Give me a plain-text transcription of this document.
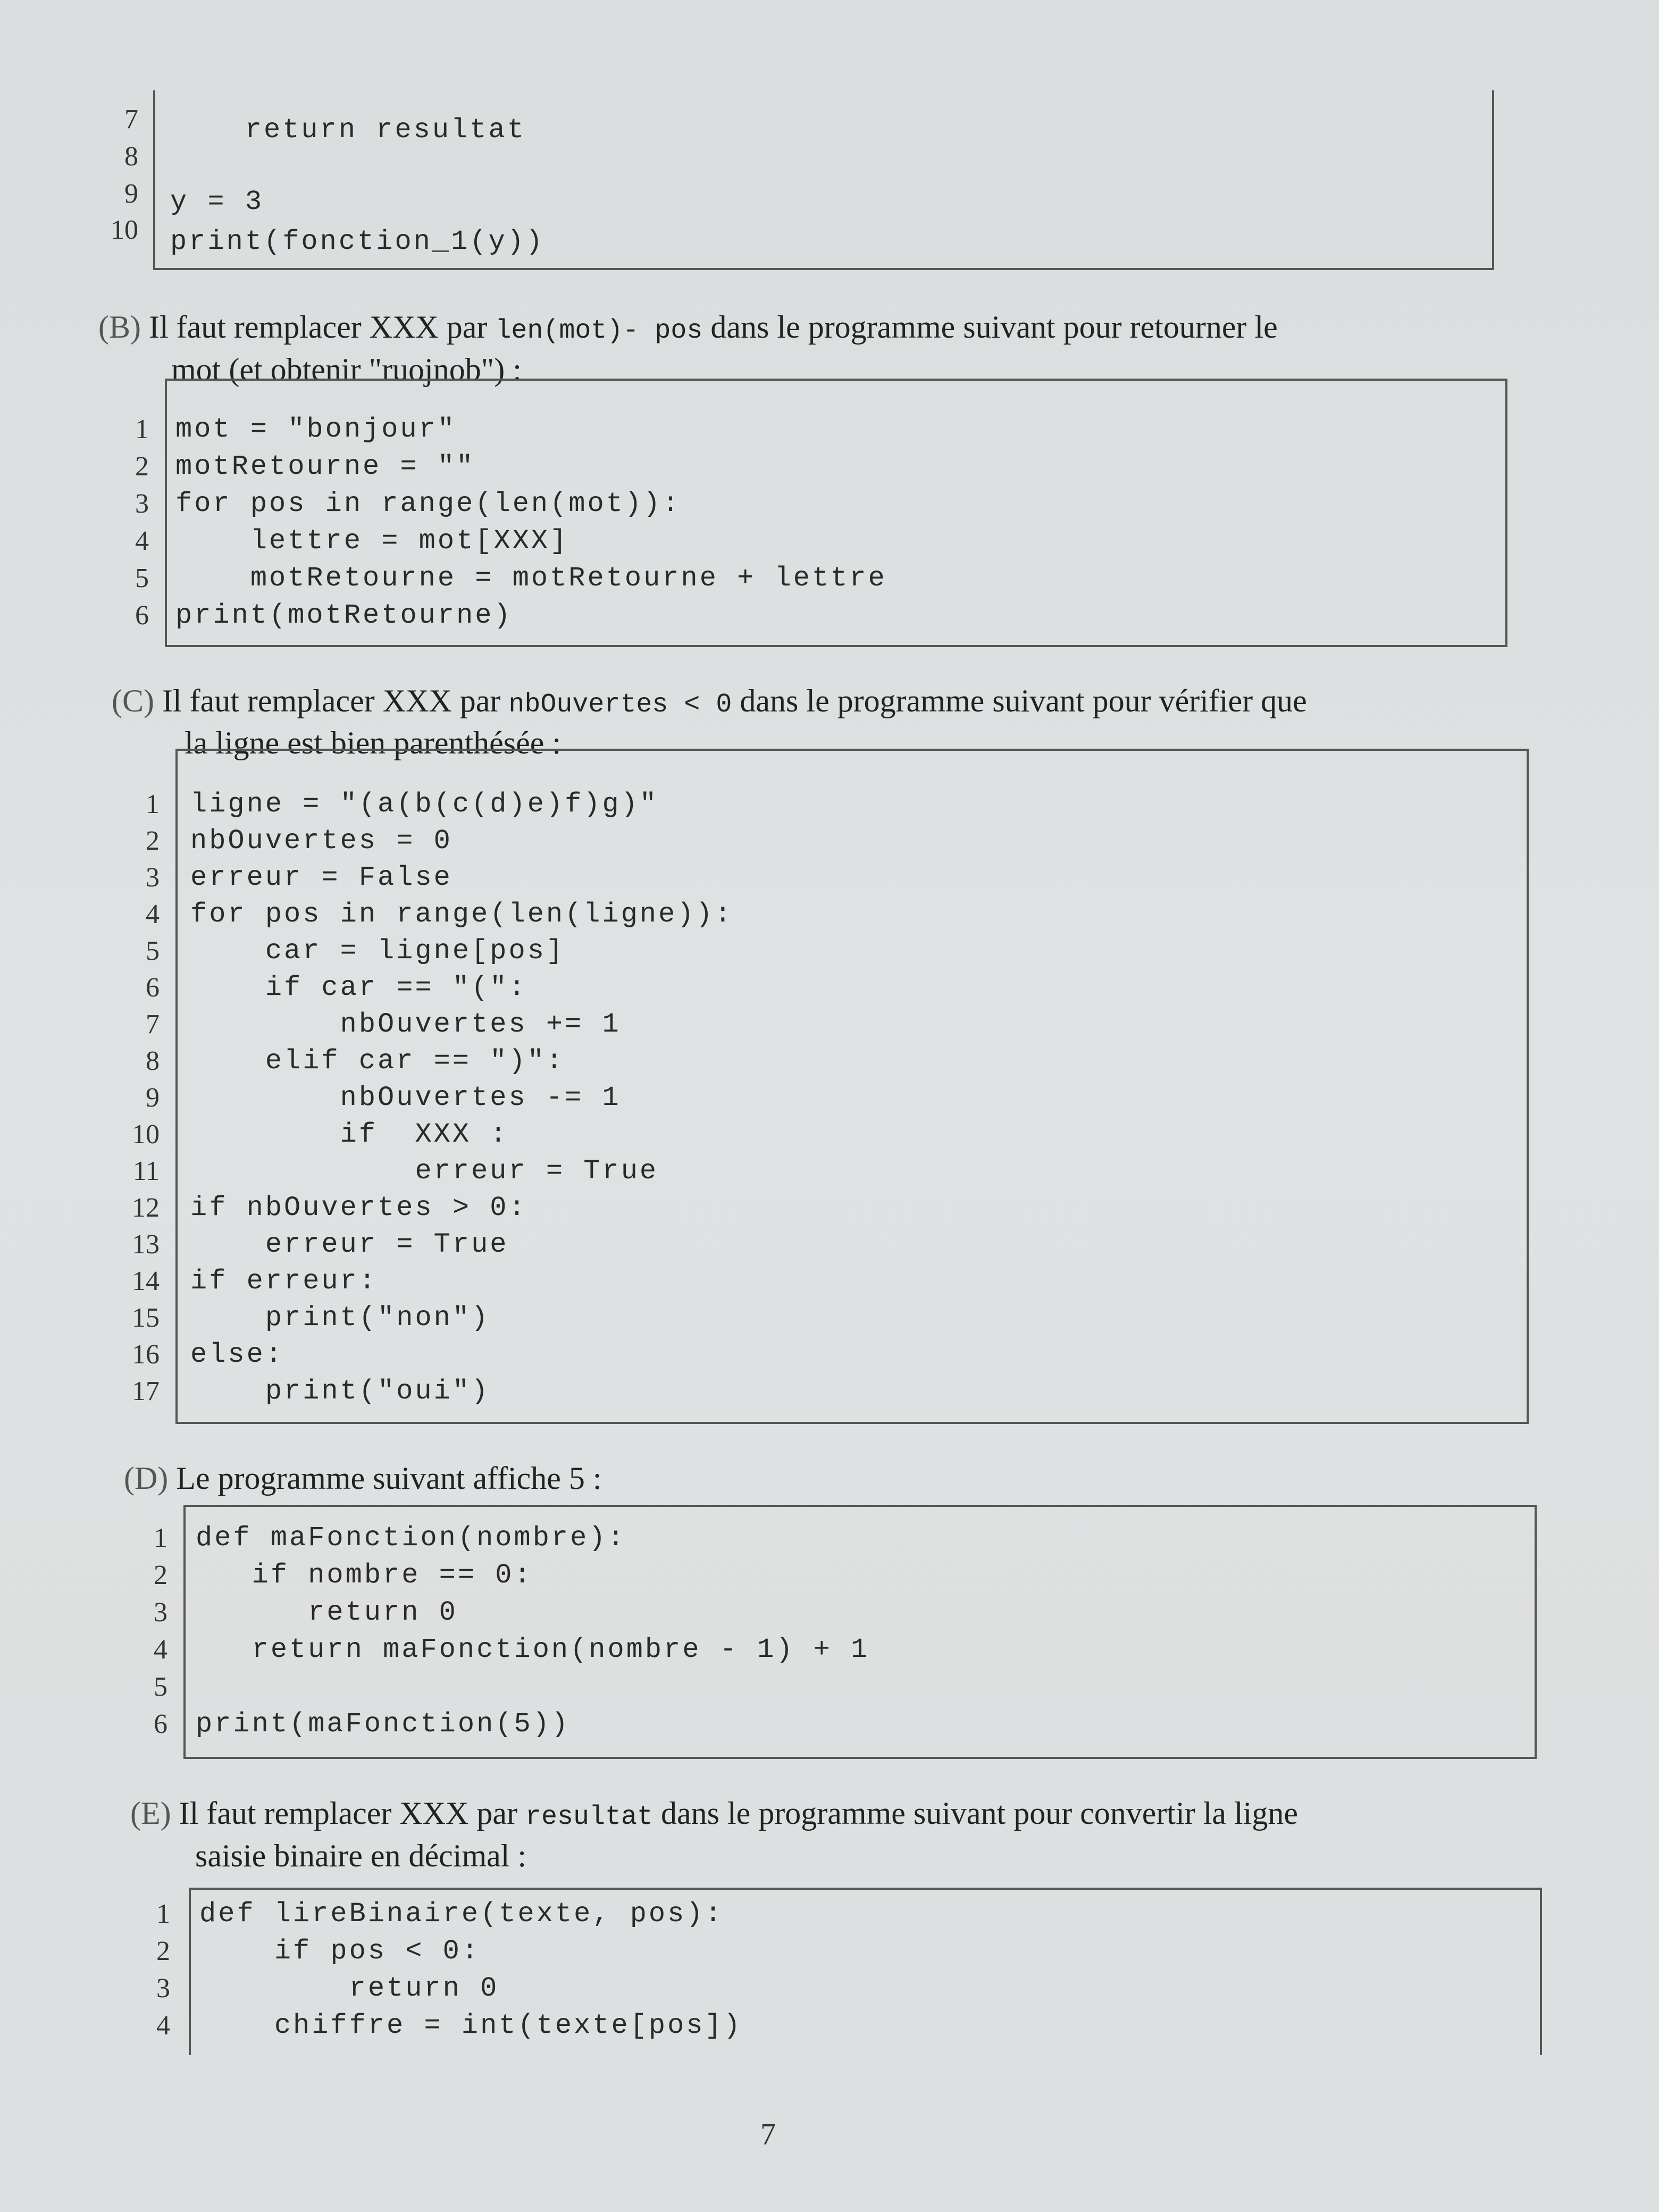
7
8
9
10
return resultat
y = 3
print(fonction_1(y))
(B) Il faut remplacer XXX par len(mot)- pos dans le programme suivant pour retourner le
mot (et obtenir "ruojnob") :
1
2
3
4
5
6
mot = "bonjour"
motRetourne = ""
for pos in range(len(mot)):
lettre = mot[XXX]
motRetourne = motRetourne + lettre
print(motRetourne)
(C) Il faut remplacer XXX par nbOuvertes < 0 dans le programme suivant pour vérifier que
la ligne est bien parenthésée :
1
2
3
4
5
6
7
8
9
10
11
12
13
14
15
16
17
ligne = "(a(b(c(d)e)f)g)"
nbOuvertes = 0
erreur = False
for pos in range(len(ligne)):
car = ligne[pos]
if car == "(":
nbOuvertes += 1
elif car == ")":
nbOuvertes -= 1
if  XXX :
erreur = True
if nbOuvertes > 0:
erreur = True
if erreur:
print("non")
else:
print("oui")
(D) Le programme suivant affiche 5 :
1
2
3
4
5
6
def maFonction(nombre):
if nombre == 0:
return 0
return maFonction(nombre - 1) + 1
print(maFonction(5))
(E) Il faut remplacer XXX par resultat dans le programme suivant pour convertir la ligne
saisie binaire en décimal :
1
2
3
4
def lireBinaire(texte, pos):
if pos < 0:
return 0
chiffre = int(texte[pos])
7
